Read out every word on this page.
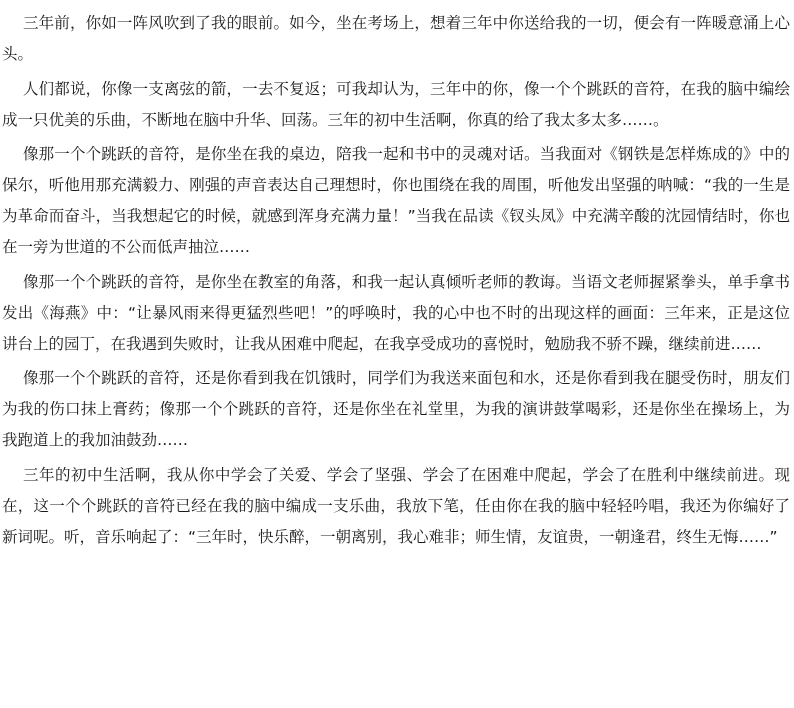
三年前，你如一阵风吹到了我的眼前。如今，坐在考场上，想着三年中你送给我的一切，便会有一阵暖意涌上心头。

人们都说，你像一支离弦的箭，一去不复返；可我却认为，三年中的你，像一个个跳跃的音符，在我的脑中编绘成一只优美的乐曲，不断地在脑中升华、回荡。三年的初中生活啊，你真的给了我太多太多……。

像那一个个跳跃的音符，是你坐在我的桌边，陪我一起和书中的灵魂对话。当我面对《钢铁是怎样炼成的》中的保尔，听他用那充满毅力、刚强的声音表达自己理想时，你也围绕在我的周围，听他发出坚强的呐喊：“我的一生是为革命而奋斗，当我想起它的时候，就感到浑身充满力量！”当我在品读《钗头凤》中充满辛酸的沈园情结时，你也在一旁为世道的不公而低声抽泣……

像那一个个跳跃的音符，是你坐在教室的角落，和我一起认真倾听老师的教诲。当语文老师握紧拳头，单手拿书发出《海燕》中：“让暴风雨来得更猛烈些吧！”的呼唤时，我的心中也不时的出现这样的画面：三年来，正是这位讲台上的园丁，在我遇到失败时，让我从困难中爬起，在我享受成功的喜悦时，勉励我不骄不躁，继续前进……

像那一个个跳跃的音符，还是你看到我在饥饿时，同学们为我送来面包和水，还是你看到我在腿受伤时，朋友们为我的伤口抹上膏药；像那一个个跳跃的音符，还是你坐在礼堂里，为我的演讲鼓掌喝彩，还是你坐在操场上，为我跑道上的我加油鼓劲……

三年的初中生活啊，我从你中学会了关爱、学会了坚强、学会了在困难中爬起，学会了在胜利中继续前进。现在，这一个个跳跃的音符已经在我的脑中编成一支乐曲，我放下笔，任由你在我的脑中轻轻吟唱，我还为你编好了新词呢。听，音乐响起了：“三年时，快乐醉，一朝离别，我心难非；师生情，友谊贵，一朝逢君，终生无悔……”
